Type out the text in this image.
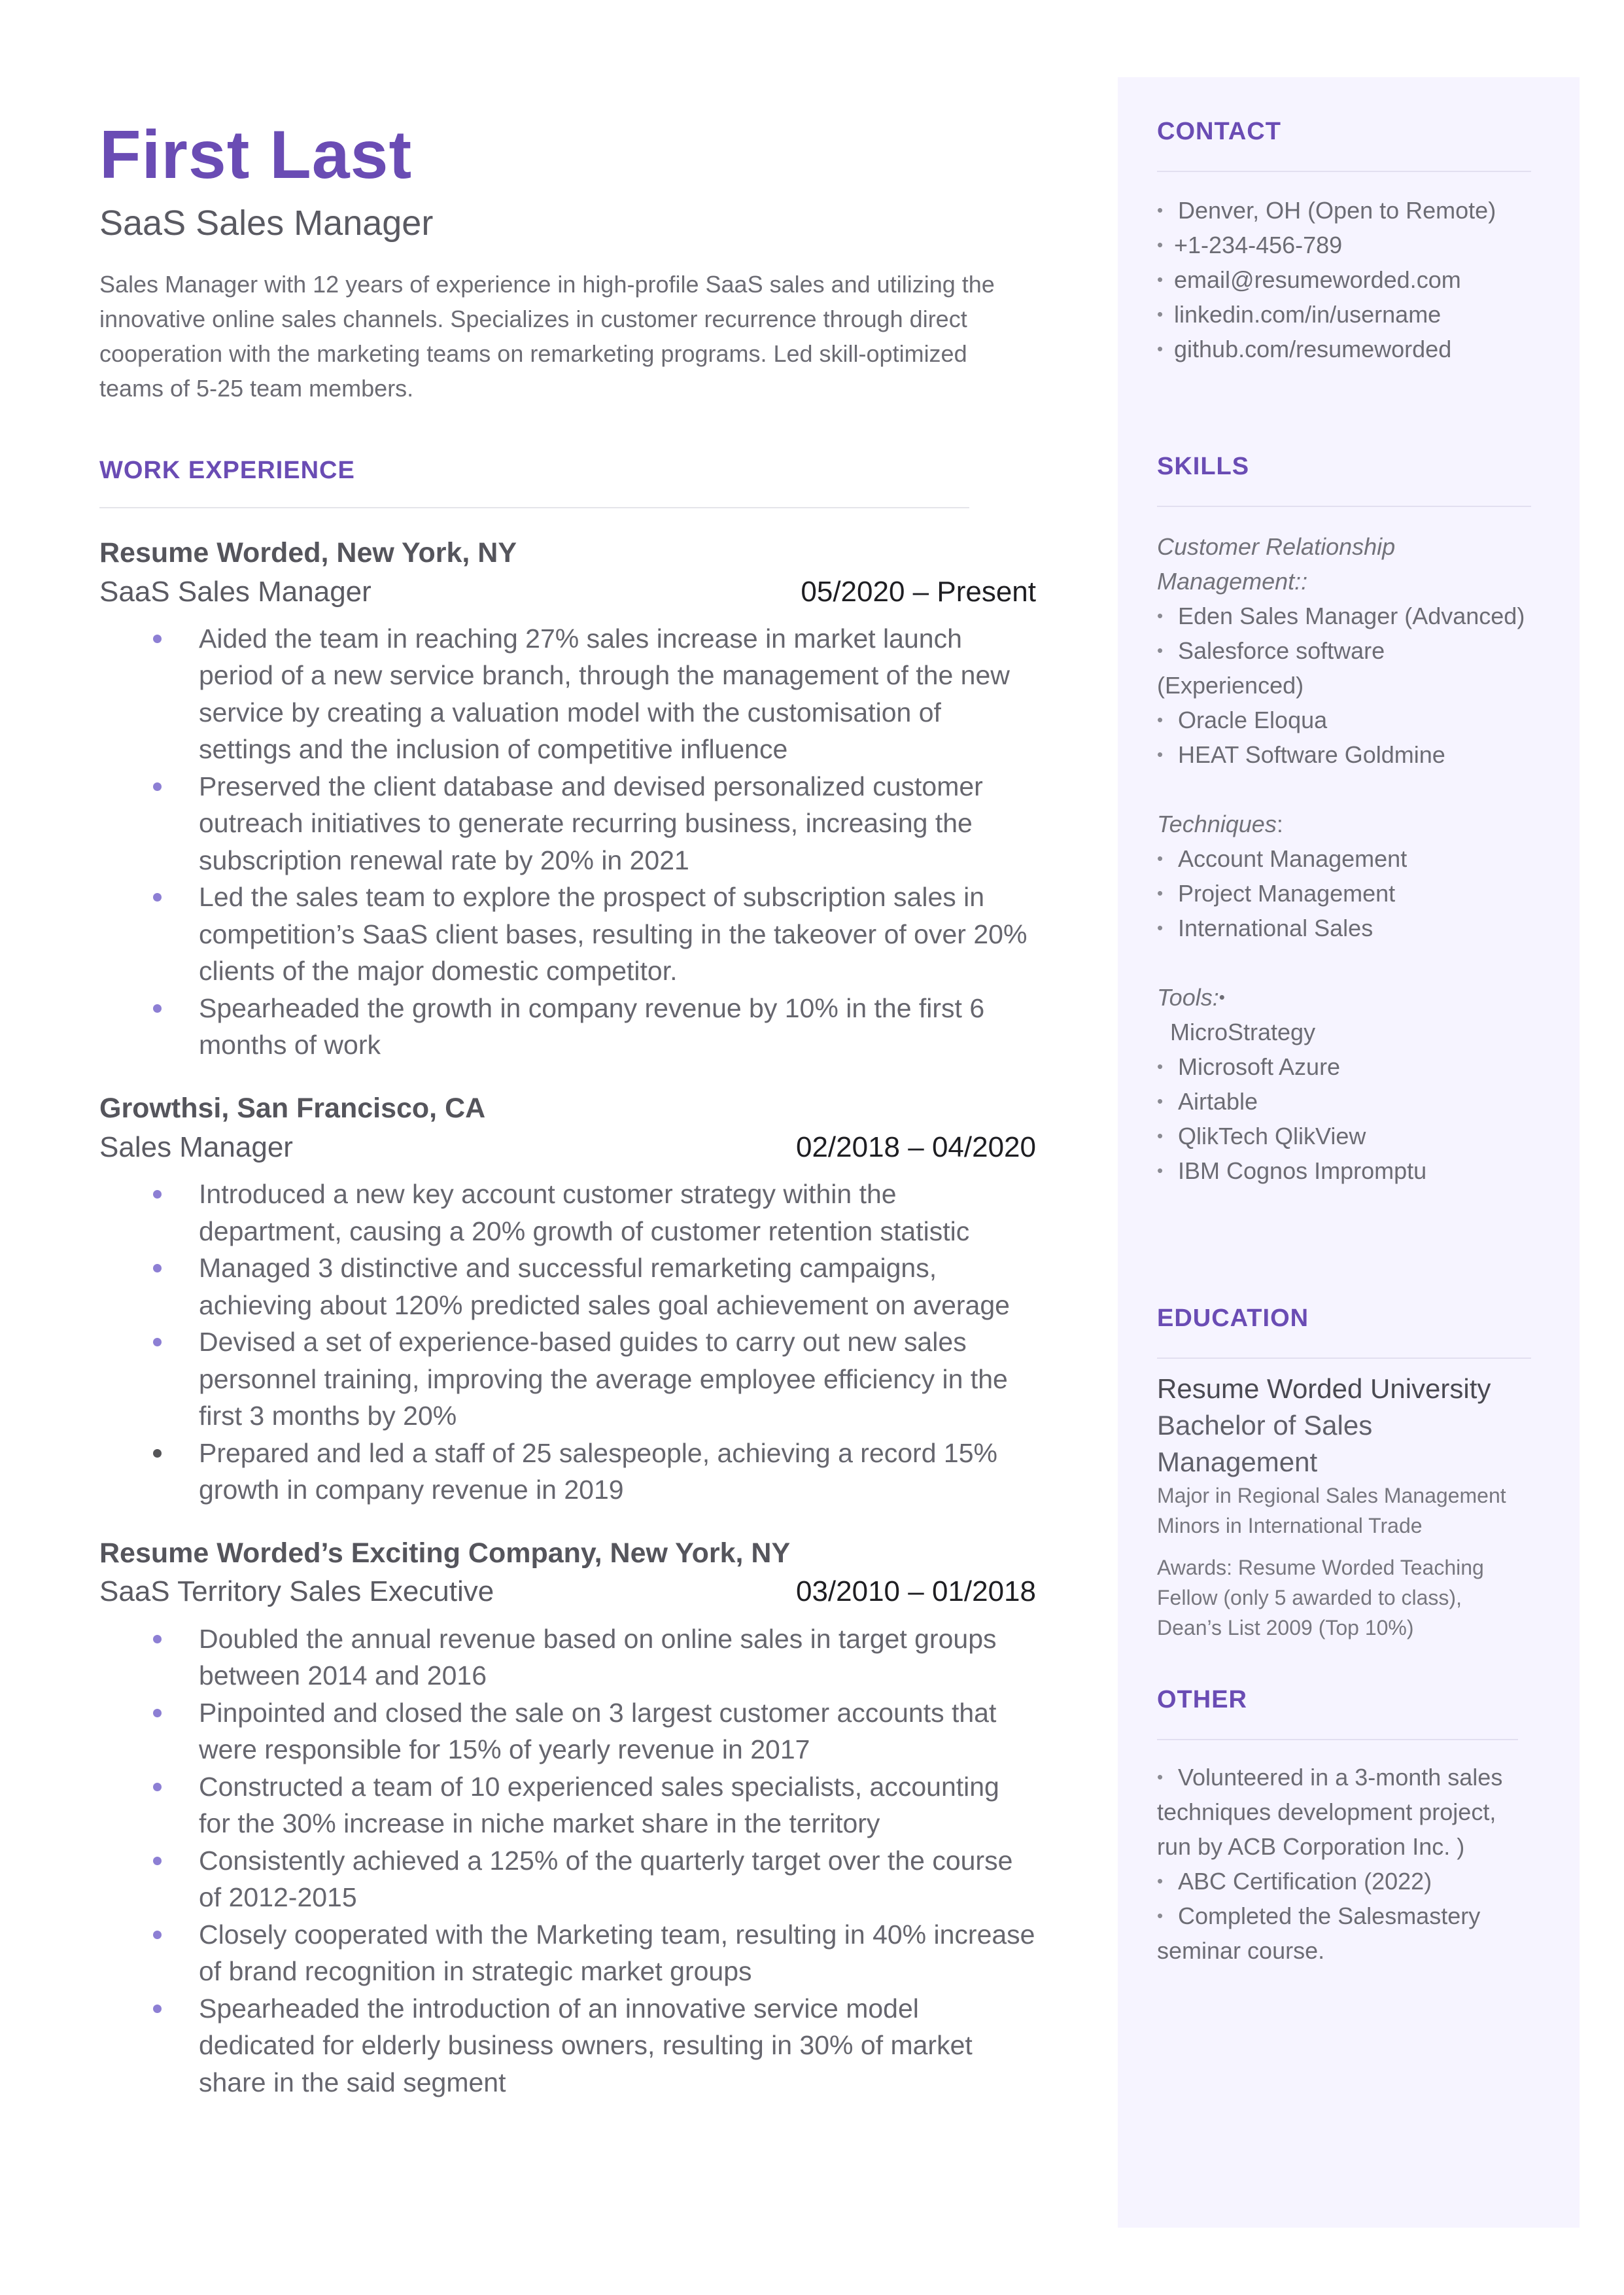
First Last
SaaS Sales Manager
Sales Manager with 12 years of experience in high-profile SaaS sales and utilizing the innovative online sales channels. Specializes in customer recurrence through direct cooperation with the marketing teams on remarketing programs. Led skill-optimized teams of 5-25 team members.
WORK EXPERIENCE
Resume Worded, New York, NY
SaaS Sales Manager	05/2020 – Present
Aided the team in reaching 27% sales increase in market launch period of a new service branch, through the management of the new service by creating a valuation model with the customisation of settings and the inclusion of competitive influence
Preserved the client database and devised personalized customer outreach initiatives to generate recurring business, increasing the subscription renewal rate by 20% in 2021
Led the sales team to explore the prospect of subscription sales in competition’s SaaS client bases, resulting in the takeover of over 20% clients of the major domestic competitor.
Spearheaded the growth in company revenue by 10% in the first 6 months of work
Growthsi, San Francisco, CA
Sales Manager	02/2018 – 04/2020
Introduced a new key account customer strategy within the department, causing a 20% growth of customer retention statistic
Managed 3 distinctive and successful remarketing campaigns, achieving about 120% predicted sales goal achievement on average
Devised a set of experience-based guides to carry out new sales personnel training, improving the average employee efficiency in the first 3 months by 20%
Prepared and led a staff of 25 salespeople, achieving a record 15% growth in company revenue in 2019
Resume Worded’s Exciting Company, New York, NY
SaaS Territory Sales Executive	03/2010 – 01/2018
Doubled the annual revenue based on online sales in target groups between 2014 and 2016
Pinpointed and closed the sale on 3 largest customer accounts that were responsible for 15% of yearly revenue in 2017
Constructed a team of 10 experienced sales specialists, accounting for the 30% increase in niche market share in the territory
Consistently achieved a 125% of the quarterly target over the course of 2012-2015
Closely cooperated with the Marketing team, resulting in 40% increase of brand recognition in strategic market groups
Spearheaded the introduction of an innovative service model dedicated for elderly business owners, resulting in 30% of market share in the said segment
CONTACT
• Denver, OH (Open to Remote)
• +1-234-456-789
• email@resumeworded.com
• linkedin.com/in/username
• github.com/resumeworded
SKILLS
Customer Relationship Management::
• Eden Sales Manager (Advanced)
• Salesforce software (Experienced)
• Oracle Eloqua
• HEAT Software Goldmine
Techniques:
• Account Management
• Project Management
• International Sales
Tools:•
MicroStrategy
• Microsoft Azure
• Airtable
• QlikTech QlikView
• IBM Cognos Impromptu
EDUCATION
Resume Worded University
Bachelor of Sales Management
Major in Regional Sales Management
Minors in International Trade
Awards: Resume Worded Teaching Fellow (only 5 awarded to class), Dean’s List 2009 (Top 10%)
OTHER
• Volunteered in a 3-month sales techniques development project, run by ACB Corporation Inc. )
• ABC Certification (2022)
• Completed the Salesmastery seminar course.
